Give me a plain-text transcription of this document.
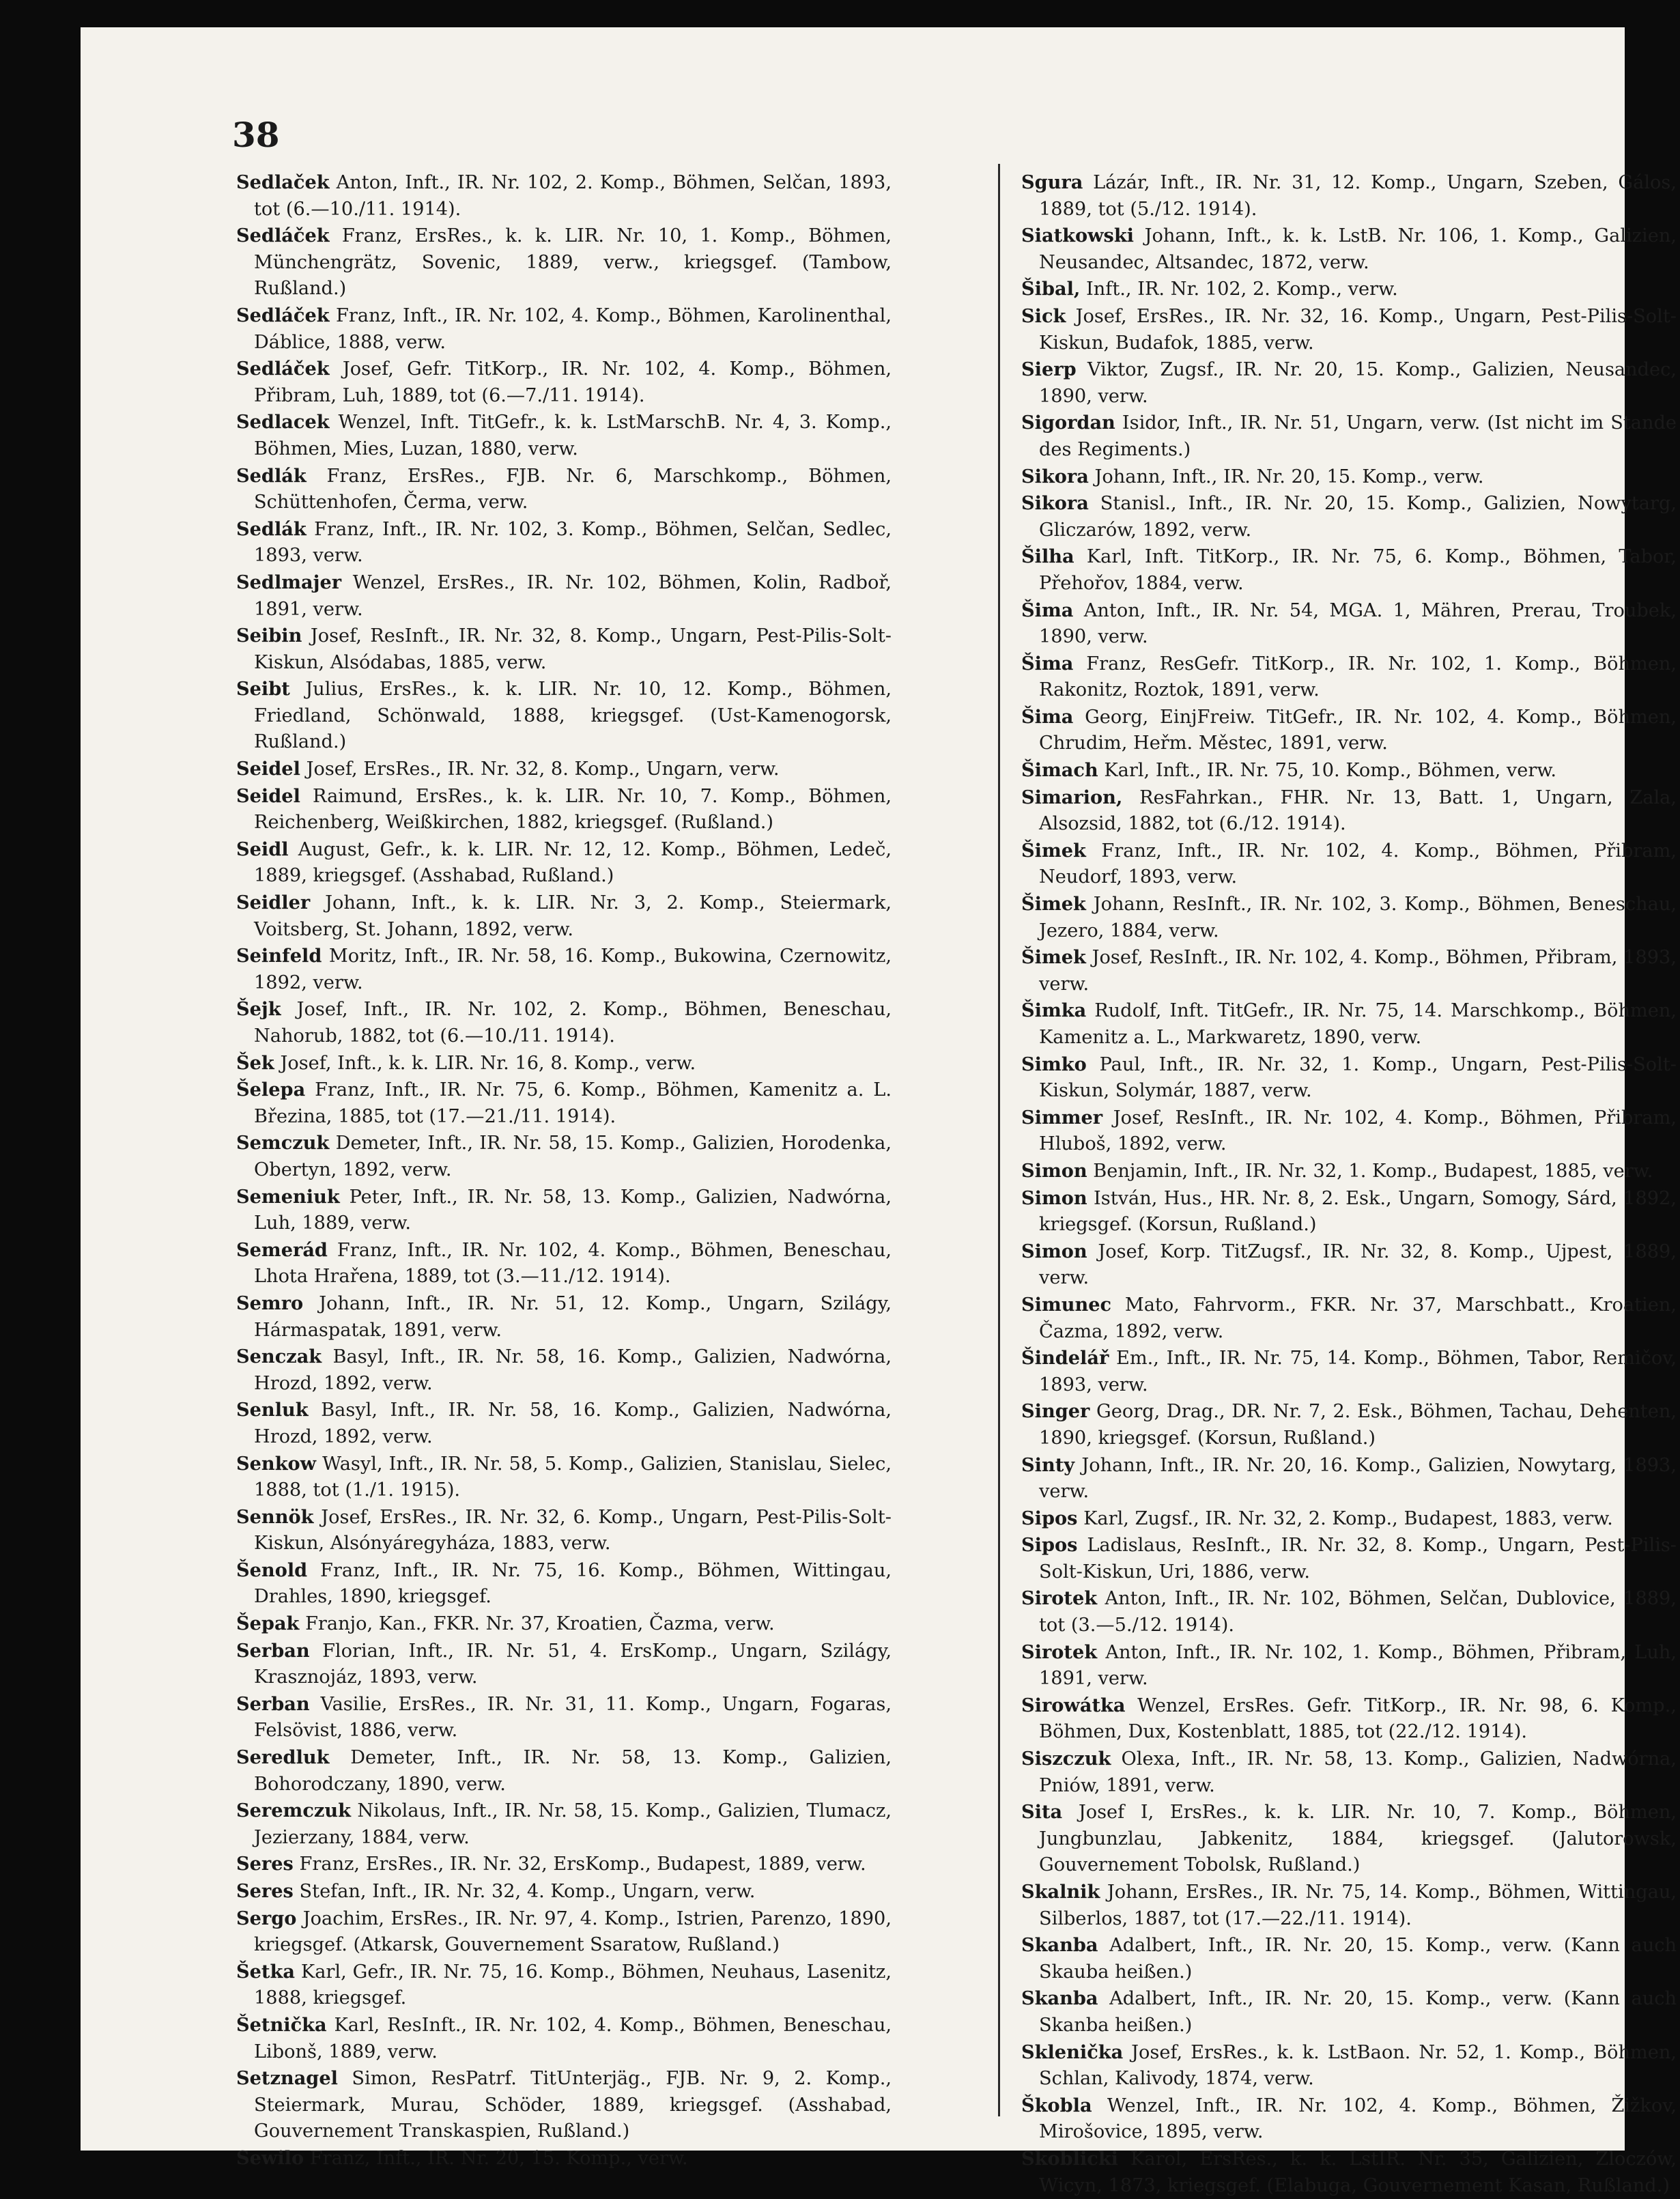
38

Sedlaček Anton, Inft., IR. Nr. 102, 2. Komp., Böhmen, Selčan, 1893, tot (6.—10./11. 1914).

Sedláček Franz, ErsRes., k. k. LIR. Nr. 10, 1. Komp., Böhmen, Münchengrätz, Sovenic, 1889, verw., kriegsgef. (Tambow, Rußland.)

Sedláček Franz, Inft., IR. Nr. 102, 4. Komp., Böhmen, Karolinenthal, Dáblice, 1888, verw.

Sedláček Josef, Gefr. TitKorp., IR. Nr. 102, 4. Komp., Böhmen, Přibram, Luh, 1889, tot (6.—7./11. 1914).

Sedlacek Wenzel, Inft. TitGefr., k. k. LstMarschB. Nr. 4, 3. Komp., Böhmen, Mies, Luzan, 1880, verw.

Sedlák Franz, ErsRes., FJB. Nr. 6, Marschkomp., Böhmen, Schüttenhofen, Čerma, verw.

Sedlák Franz, Inft., IR. Nr. 102, 3. Komp., Böhmen, Selčan, Sedlec, 1893, verw.

Sedlmajer Wenzel, ErsRes., IR. Nr. 102, Böhmen, Kolin, Radboř, 1891, verw.

Seibin Josef, ResInft., IR. Nr. 32, 8. Komp., Ungarn, Pest-Pilis-Solt-Kiskun, Alsódabas, 1885, verw.

Seibt Julius, ErsRes., k. k. LIR. Nr. 10, 12. Komp., Böhmen, Friedland, Schönwald, 1888, kriegsgef. (Ust-Kamenogorsk, Rußland.)

Seidel Josef, ErsRes., IR. Nr. 32, 8. Komp., Ungarn, verw.

Seidel Raimund, ErsRes., k. k. LIR. Nr. 10, 7. Komp., Böhmen, Reichenberg, Weißkirchen, 1882, kriegsgef. (Rußland.)

Seidl August, Gefr., k. k. LIR. Nr. 12, 12. Komp., Böhmen, Ledeč, 1889, kriegsgef. (Asshabad, Rußland.)

Seidler Johann, Inft., k. k. LIR. Nr. 3, 2. Komp., Steiermark, Voitsberg, St. Johann, 1892, verw.

Seinfeld Moritz, Inft., IR. Nr. 58, 16. Komp., Bukowina, Czernowitz, 1892, verw.

Šejk Josef, Inft., IR. Nr. 102, 2. Komp., Böhmen, Beneschau, Nahorub, 1882, tot (6.—10./11. 1914).

Šek Josef, Inft., k. k. LIR. Nr. 16, 8. Komp., verw.

Šelepa Franz, Inft., IR. Nr. 75, 6. Komp., Böhmen, Kamenitz a. L. Březina, 1885, tot (17.—21./11. 1914).

Semczuk Demeter, Inft., IR. Nr. 58, 15. Komp., Galizien, Horodenka, Obertyn, 1892, verw.

Semeniuk Peter, Inft., IR. Nr. 58, 13. Komp., Galizien, Nadwórna, Luh, 1889, verw.

Semerád Franz, Inft., IR. Nr. 102, 4. Komp., Böhmen, Beneschau, Lhota Hrařena, 1889, tot (3.—11./12. 1914).

Semro Johann, Inft., IR. Nr. 51, 12. Komp., Ungarn, Szilágy, Hármaspatak, 1891, verw.

Senczak Basyl, Inft., IR. Nr. 58, 16. Komp., Galizien, Nadwórna, Hrozd, 1892, verw.

Senluk Basyl, Inft., IR. Nr. 58, 16. Komp., Galizien, Nadwórna, Hrozd, 1892, verw.

Senkow Wasyl, Inft., IR. Nr. 58, 5. Komp., Galizien, Stanislau, Sielec, 1888, tot (1./1. 1915).

Sennök Josef, ErsRes., IR. Nr. 32, 6. Komp., Ungarn, Pest-Pilis-Solt-Kiskun, Alsónyáregyháza, 1883, verw.

Šenold Franz, Inft., IR. Nr. 75, 16. Komp., Böhmen, Wittingau, Drahles, 1890, kriegsgef.

Šepak Franjo, Kan., FKR. Nr. 37, Kroatien, Čazma, verw.

Serban Florian, Inft., IR. Nr. 51, 4. ErsKomp., Ungarn, Szilágy, Krasznojáz, 1893, verw.

Serban Vasilie, ErsRes., IR. Nr. 31, 11. Komp., Ungarn, Fogaras, Felsövist, 1886, verw.

Seredluk Demeter, Inft., IR. Nr. 58, 13. Komp., Galizien, Bohorodczany, 1890, verw.

Seremczuk Nikolaus, Inft., IR. Nr. 58, 15. Komp., Galizien, Tlumacz, Jezierzany, 1884, verw.

Seres Franz, ErsRes., IR. Nr. 32, ErsKomp., Budapest, 1889, verw.

Seres Stefan, Inft., IR. Nr. 32, 4. Komp., Ungarn, verw.

Sergo Joachim, ErsRes., IR. Nr. 97, 4. Komp., Istrien, Parenzo, 1890, kriegsgef. (Atkarsk, Gouvernement Ssaratow, Rußland.)

Šetka Karl, Gefr., IR. Nr. 75, 16. Komp., Böhmen, Neuhaus, Lasenitz, 1888, kriegsgef.

Šetnička Karl, ResInft., IR. Nr. 102, 4. Komp., Böhmen, Beneschau, Libonš, 1889, verw.

Setznagel Simon, ResPatrf. TitUnterjäg., FJB. Nr. 9, 2. Komp., Steiermark, Murau, Schöder, 1889, kriegsgef. (Asshabad, Gouvernement Transkaspien, Rußland.)

Sewilo Franz, Inft., IR. Nr. 20, 15. Komp., verw.

Sgura Lázár, Inft., IR. Nr. 31, 12. Komp., Ungarn, Szeben, Gálos, 1889, tot (5./12. 1914).

Siatkowski Johann, Inft., k. k. LstB. Nr. 106, 1. Komp., Galizien, Neusandec, Altsandec, 1872, verw.

Šibal, Inft., IR. Nr. 102, 2. Komp., verw.

Sick Josef, ErsRes., IR. Nr. 32, 16. Komp., Ungarn, Pest-Pilis-Solt-Kiskun, Budafok, 1885, verw.

Sierp Viktor, Zugsf., IR. Nr. 20, 15. Komp., Galizien, Neusandec, 1890, verw.

Sigordan Isidor, Inft., IR. Nr. 51, Ungarn, verw. (Ist nicht im Stande des Regiments.)

Sikora Johann, Inft., IR. Nr. 20, 15. Komp., verw.

Sikora Stanisl., Inft., IR. Nr. 20, 15. Komp., Galizien, Nowytarg, Gliczarów, 1892, verw.

Šilha Karl, Inft. TitKorp., IR. Nr. 75, 6. Komp., Böhmen, Tabor, Přehořov, 1884, verw.

Šima Anton, Inft., IR. Nr. 54, MGA. 1, Mähren, Prerau, Troubek, 1890, verw.

Šima Franz, ResGefr. TitKorp., IR. Nr. 102, 1. Komp., Böhmen, Rakonitz, Roztok, 1891, verw.

Šima Georg, EinjFreiw. TitGefr., IR. Nr. 102, 4. Komp., Böhmen, Chrudim, Heřm. Městec, 1891, verw.

Šimach Karl, Inft., IR. Nr. 75, 10. Komp., Böhmen, verw.

Simarion, ResFahrkan., FHR. Nr. 13, Batt. 1, Ungarn, Zala, Alsozsid, 1882, tot (6./12. 1914).

Šimek Franz, Inft., IR. Nr. 102, 4. Komp., Böhmen, Přibram, Neudorf, 1893, verw.

Šimek Johann, ResInft., IR. Nr. 102, 3. Komp., Böhmen, Beneschau, Jezero, 1884, verw.

Šimek Josef, ResInft., IR. Nr. 102, 4. Komp., Böhmen, Přibram, 1893, verw.

Šimka Rudolf, Inft. TitGefr., IR. Nr. 75, 14. Marschkomp., Böhmen, Kamenitz a. L., Markwaretz, 1890, verw.

Simko Paul, Inft., IR. Nr. 32, 1. Komp., Ungarn, Pest-Pilis-Solt-Kiskun, Solymár, 1887, verw.

Simmer Josef, ResInft., IR. Nr. 102, 4. Komp., Böhmen, Přibram, Hluboš, 1892, verw.

Simon Benjamin, Inft., IR. Nr. 32, 1. Komp., Budapest, 1885, verw.

Simon István, Hus., HR. Nr. 8, 2. Esk., Ungarn, Somogy, Sárd, 1892, kriegsgef. (Korsun, Rußland.)

Simon Josef, Korp. TitZugsf., IR. Nr. 32, 8. Komp., Ujpest, 1889, verw.

Simunec Mato, Fahrvorm., FKR. Nr. 37, Marschbatt., Kroatien, Čazma, 1892, verw.

Šindelář Em., Inft., IR. Nr. 75, 14. Komp., Böhmen, Tabor, Remičov, 1893, verw.

Singer Georg, Drag., DR. Nr. 7, 2. Esk., Böhmen, Tachau, Dehenten, 1890, kriegsgef. (Korsun, Rußland.)

Sinty Johann, Inft., IR. Nr. 20, 16. Komp., Galizien, Nowytarg, 1893, verw.

Sipos Karl, Zugsf., IR. Nr. 32, 2. Komp., Budapest, 1883, verw.

Sipos Ladislaus, ResInft., IR. Nr. 32, 8. Komp., Ungarn, Pest-Pilis-Solt-Kiskun, Uri, 1886, verw.

Sirotek Anton, Inft., IR. Nr. 102, Böhmen, Selčan, Dublovice, 1889, tot (3.—5./12. 1914).

Sirotek Anton, Inft., IR. Nr. 102, 1. Komp., Böhmen, Přibram, Luh, 1891, verw.

Sirowátka Wenzel, ErsRes. Gefr. TitKorp., IR. Nr. 98, 6. Komp., Böhmen, Dux, Kostenblatt, 1885, tot (22./12. 1914).

Siszczuk Olexa, Inft., IR. Nr. 58, 13. Komp., Galizien, Nadwórna, Pniów, 1891, verw.

Sita Josef I, ErsRes., k. k. LIR. Nr. 10, 7. Komp., Böhmen, Jungbunzlau, Jabkenitz, 1884, kriegsgef. (Jalutorowsk, Gouvernement Tobolsk, Rußland.)

Skalnik Johann, ErsRes., IR. Nr. 75, 14. Komp., Böhmen, Wittingau, Silberlos, 1887, tot (17.—22./11. 1914).

Skanba Adalbert, Inft., IR. Nr. 20, 15. Komp., verw. (Kann auch Skauba heißen.)

Skanba Adalbert, Inft., IR. Nr. 20, 15. Komp., verw. (Kann auch Skanba heißen.)

Sklenička Josef, ErsRes., k. k. LstBaon. Nr. 52, 1. Komp., Böhmen, Schlan, Kalivody, 1874, verw.

Škobla Wenzel, Inft., IR. Nr. 102, 4. Komp., Böhmen, Žižkov, Mirošovice, 1895, verw.

Skoblicki Karol, ErsRes., k. k. LstIR. Nr. 35, Galizien, Zloczów, Wicyn, 1873, kriegsgef. (Elabuga, Gouvernement Kasan, Rußland.)
